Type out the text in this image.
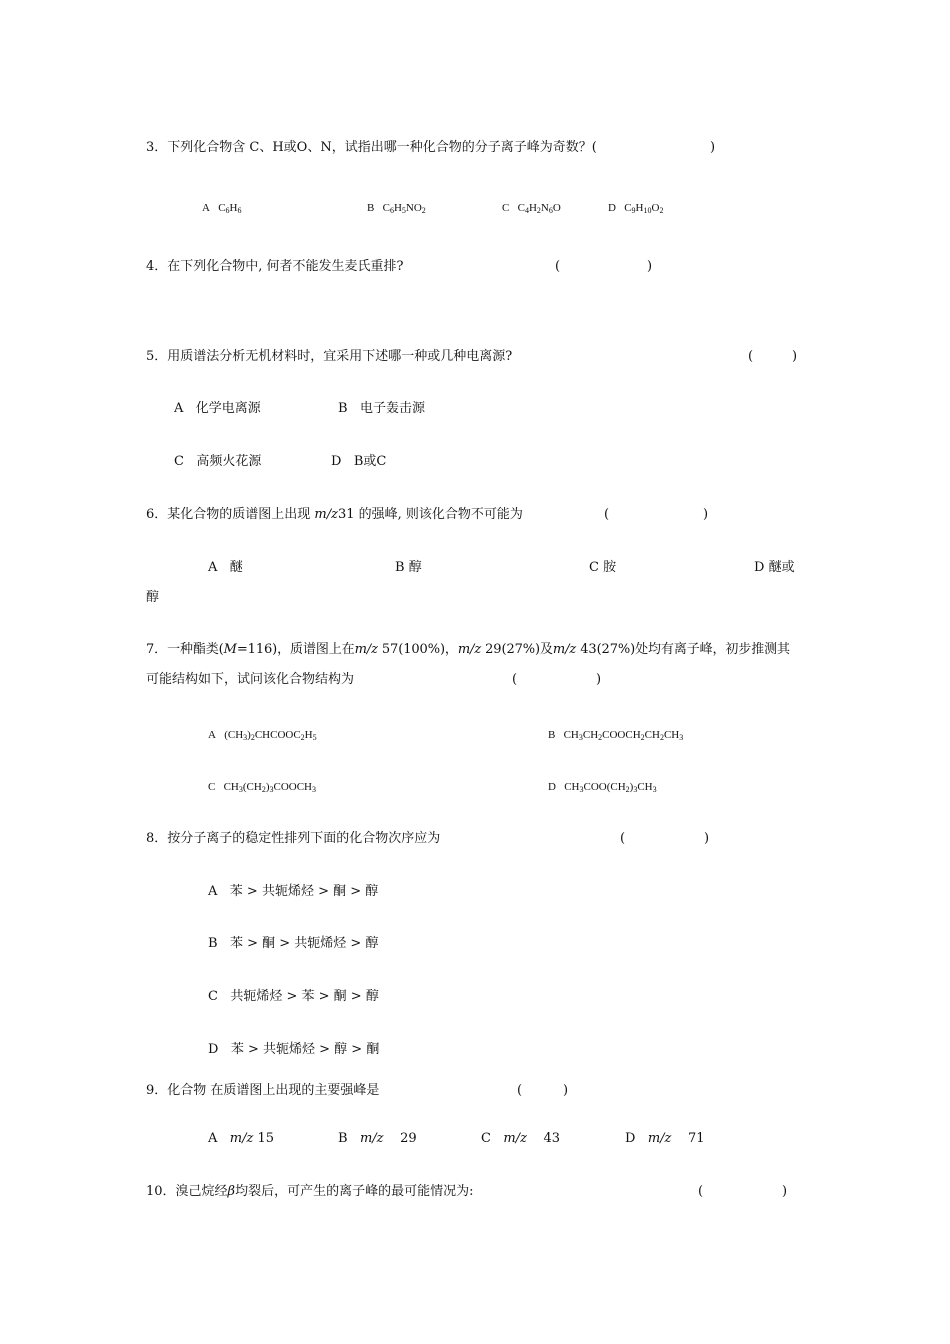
3．下列化合物含 C、H或O、N，试指出哪一种化合物的分子离子峰为奇数？(	)
A $C_6H_6$	B $C_6H_5NO_2$	C $C_4H_2N_6O$	D $C_9H_{10}O_2$
4．在下列化合物中, 何者不能发生麦氏重排?	(	)
5．用质谱法分析无机材料时，宜采用下述哪一种或几种电离源?	(	)
A 化学电离源	B 电子轰击源
C 高频火花源	D B或C
6．某化合物的质谱图上出现 m/z31 的强峰, 则该化合物不可能为	(	)
A 醚	B 醇	C 胺	D 醚或
醇
7．一种酯类(M=116)，质谱图上在m/z 57(100%)，m/z 29(27%)及m/z 43(27%)处均有离子峰，初步推测其
可能结构如下，试问该化合物结构为	(	)
A $(CH_3)_2CHCOOC_2H_5$	B $CH_3CH_2COOCH_2CH_2CH_3$
C $CH_3(CH_2)_3COOCH_3$	D $CH_3COO(CH_2)_3CH_3$
8．按分子离子的稳定性排列下面的化合物次序应为	(	)
A 苯 > 共轭烯烃 > 酮 > 醇
B 苯 > 酮 > 共轭烯烃 > 醇
C 共轭烯烃 > 苯 > 酮 > 醇
D 苯 > 共轭烯烃 > 醇 > 酮
9．化合物 在质谱图上出现的主要强峰是	(	)
A m/z 15	B m/z 29	C m/z 43	D m/z 71
10．溴己烷经β均裂后，可产生的离子峰的最可能情况为:	(	)
